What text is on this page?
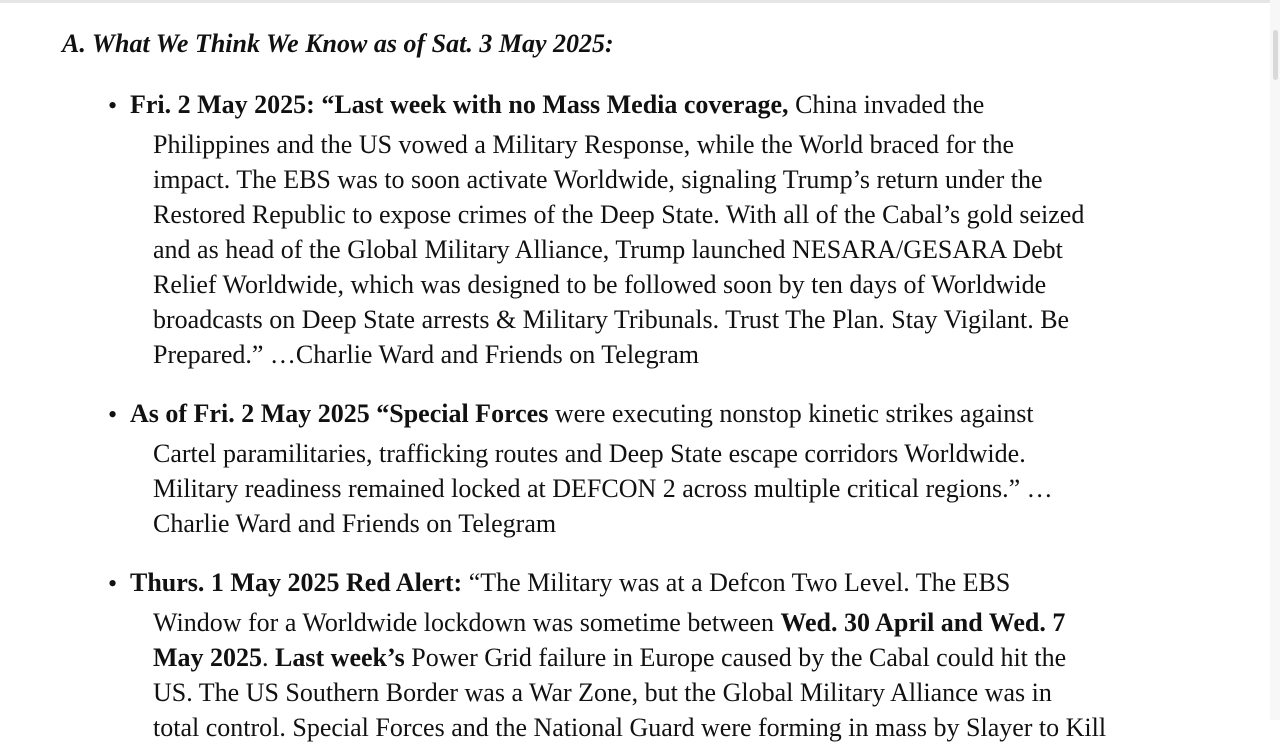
A. What We Think We Know as of Sat. 3 May 2025:
• Fri. 2 May 2025: “Last week with no Mass Media coverage, China invaded the
Philippines and the US vowed a Military Response, while the World braced for the
impact. The EBS was to soon activate Worldwide, signaling Trump’s return under the
Restored Republic to expose crimes of the Deep State. With all of the Cabal’s gold seized
and as head of the Global Military Alliance, Trump launched NESARA/GESARA Debt
Relief Worldwide, which was designed to be followed soon by ten days of Worldwide
broadcasts on Deep State arrests & Military Tribunals. Trust The Plan. Stay Vigilant. Be
Prepared.” …Charlie Ward and Friends on Telegram
• As of Fri. 2 May 2025 “Special Forces were executing nonstop kinetic strikes against
Cartel paramilitaries, trafficking routes and Deep State escape corridors Worldwide.
Military readiness remained locked at DEFCON 2 across multiple critical regions.” …
Charlie Ward and Friends on Telegram
• Thurs. 1 May 2025 Red Alert: “The Military was at a Defcon Two Level. The EBS
Window for a Worldwide lockdown was sometime between Wed. 30 April and Wed. 7
May 2025. Last week’s Power Grid failure in Europe caused by the Cabal could hit the
US. The US Southern Border was a War Zone, but the Global Military Alliance was in
total control. Special Forces and the National Guard were forming in mass by Slayer to Kill
